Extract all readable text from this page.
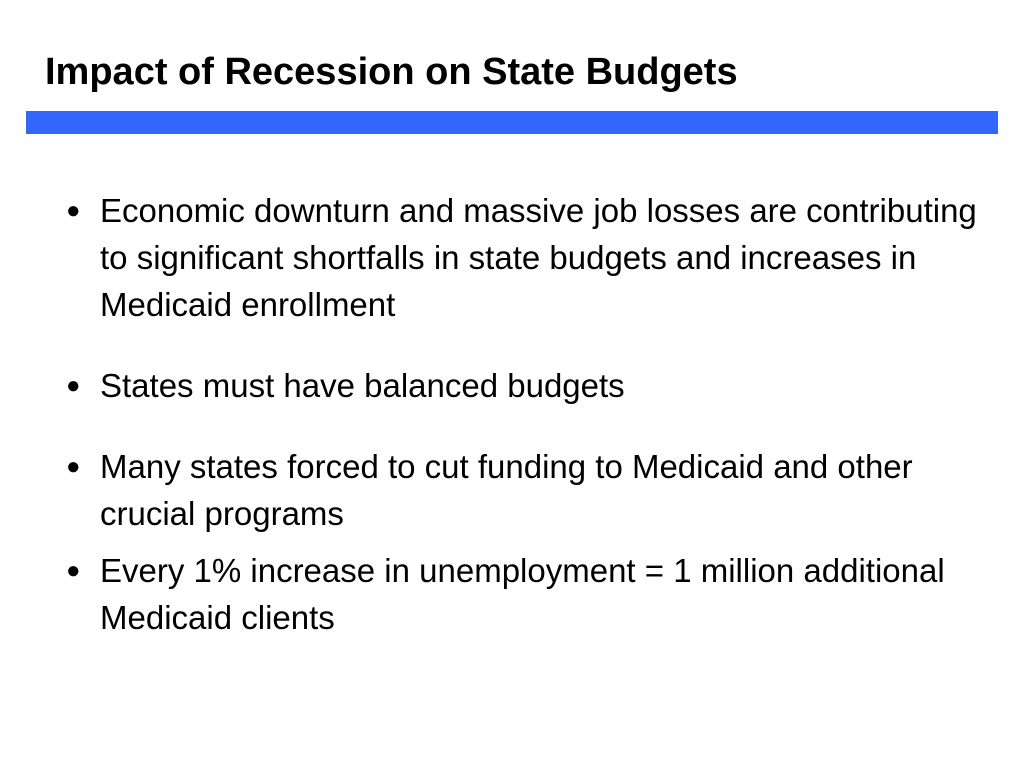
Impact of Recession on State Budgets
● Economic downturn and massive job losses are contributing to significant shortfalls in state budgets and increases in Medicaid enrollment
● States must have balanced budgets
● Many states forced to cut funding to Medicaid and other crucial programs
● Every 1% increase in unemployment = 1 million additional Medicaid clients
